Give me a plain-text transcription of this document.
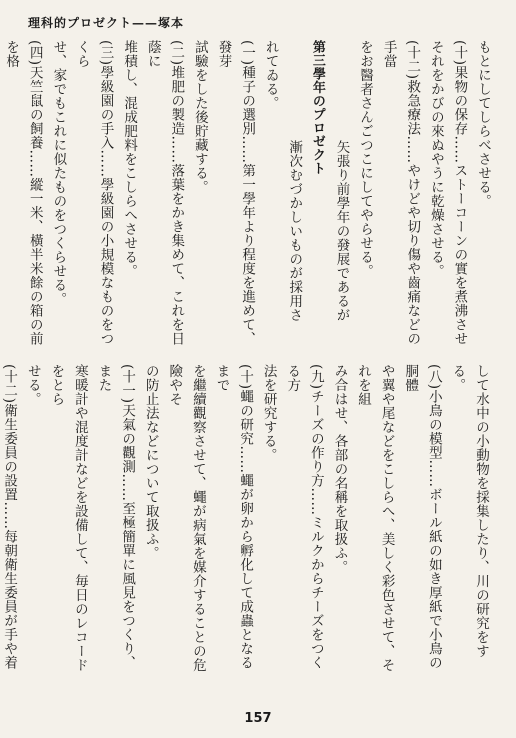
理科的プロゼクト——塚本
もとにしてしらべさせる。
(十)果物の保存……ストーコーンの實を煮沸させ
それをかびの來ぬやうに乾燥させる。
(十二)救急療法……やけどや切り傷や齒痛などの手當
をお醫者さんごつこにしてやらせる。
矢張り前學年の發展であるが
第三學年のプロゼクト
漸次むづかしいものが採用さ
れてゐる。
(一)種子の選別……第一學年より程度を進めて、發芽
試驗をした後貯藏する。
(二)堆肥の製造……落葉をかき集めて、これを日蔭に
堆積し、混成肥料をこしらへさせる。
(三)學級園の手入……學級園の小規模なものをつくら
せ、家でもこれに似たものをつくらせる。
(四)天竺鼠の飼養……縱一米、橫半米餘の箱の前を格
して水中の小動物を採集したり、川の研究をする。
(八)小鳥の模型……ボール紙の如き厚紙で小鳥の胴體
や翼や尾などをこしらへ、美しく彩色させて、それを組
み合はせ、各部の名稱を取扱ふ。
(九)チーズの作り方……ミルクからチーズをつくる方
法を研究する。
(十)蠅の研究……蠅が卵から孵化して成蟲となるまで
を繼續觀察させて、蠅が病氣を媒介することの危險やそ
の防止法などについて取扱ふ。
(十一)天氣の觀測……至極簡單に風見をつくり、また
寒暖計や混度計などを設備して、毎日のレコードをとら
せる。
(十二)衛生委員の設置……每朝衛生委員が手や着
157
